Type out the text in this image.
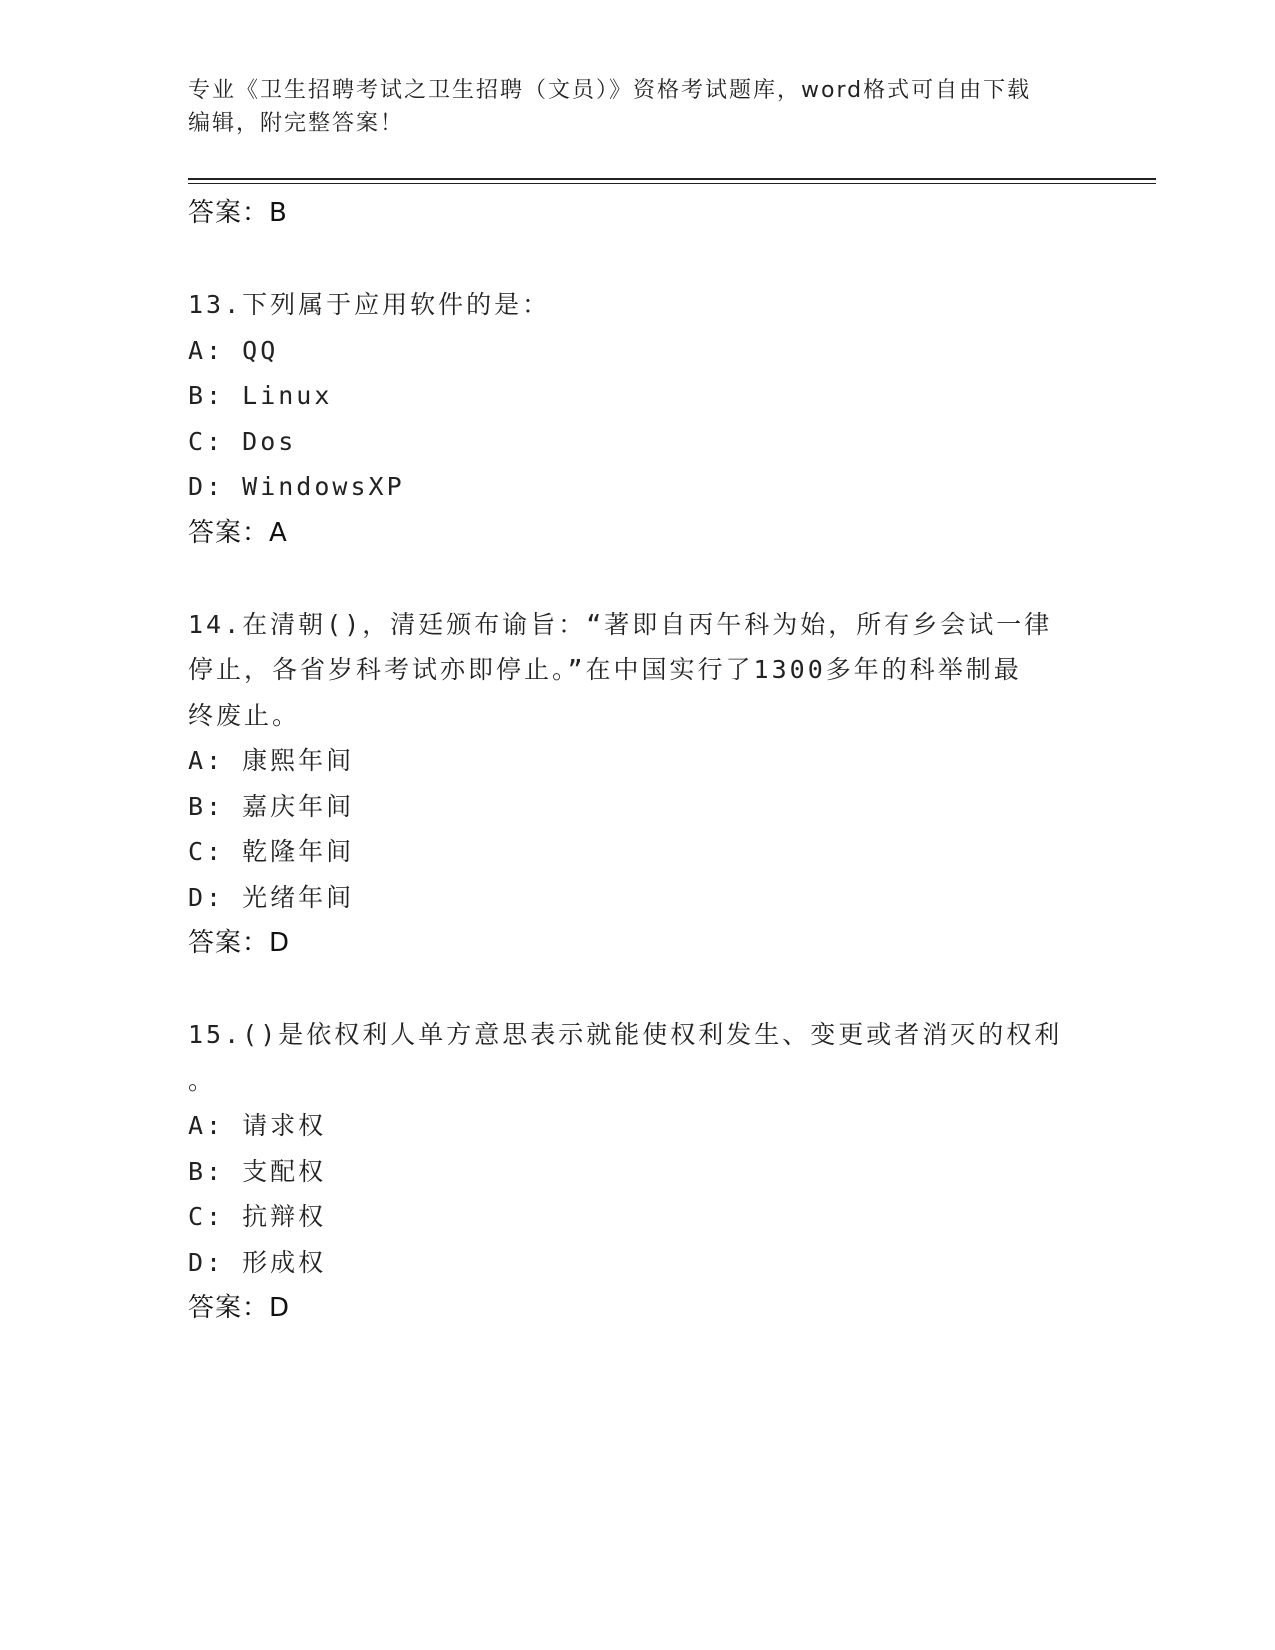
专业《卫生招聘考试之卫生招聘（文员）》资格考试题库，word格式可自由下载
编辑，附完整答案！

答案：B

13.下列属于应用软件的是：

A: QQ

B: Linux

C: Dos

D: WindowsXP

答案：A

14.在清朝()，清廷颁布谕旨：“著即自丙午科为始，所有乡会试一律

停止，各省岁科考试亦即停止。”在中国实行了1300多年的科举制最

终废止。

A: 康熙年间

B: 嘉庆年间

C: 乾隆年间

D: 光绪年间

答案：D

15.()是依权利人单方意思表示就能使权利发生、变更或者消灭的权利

。

A: 请求权

B: 支配权

C: 抗辩权

D: 形成权

答案：D
